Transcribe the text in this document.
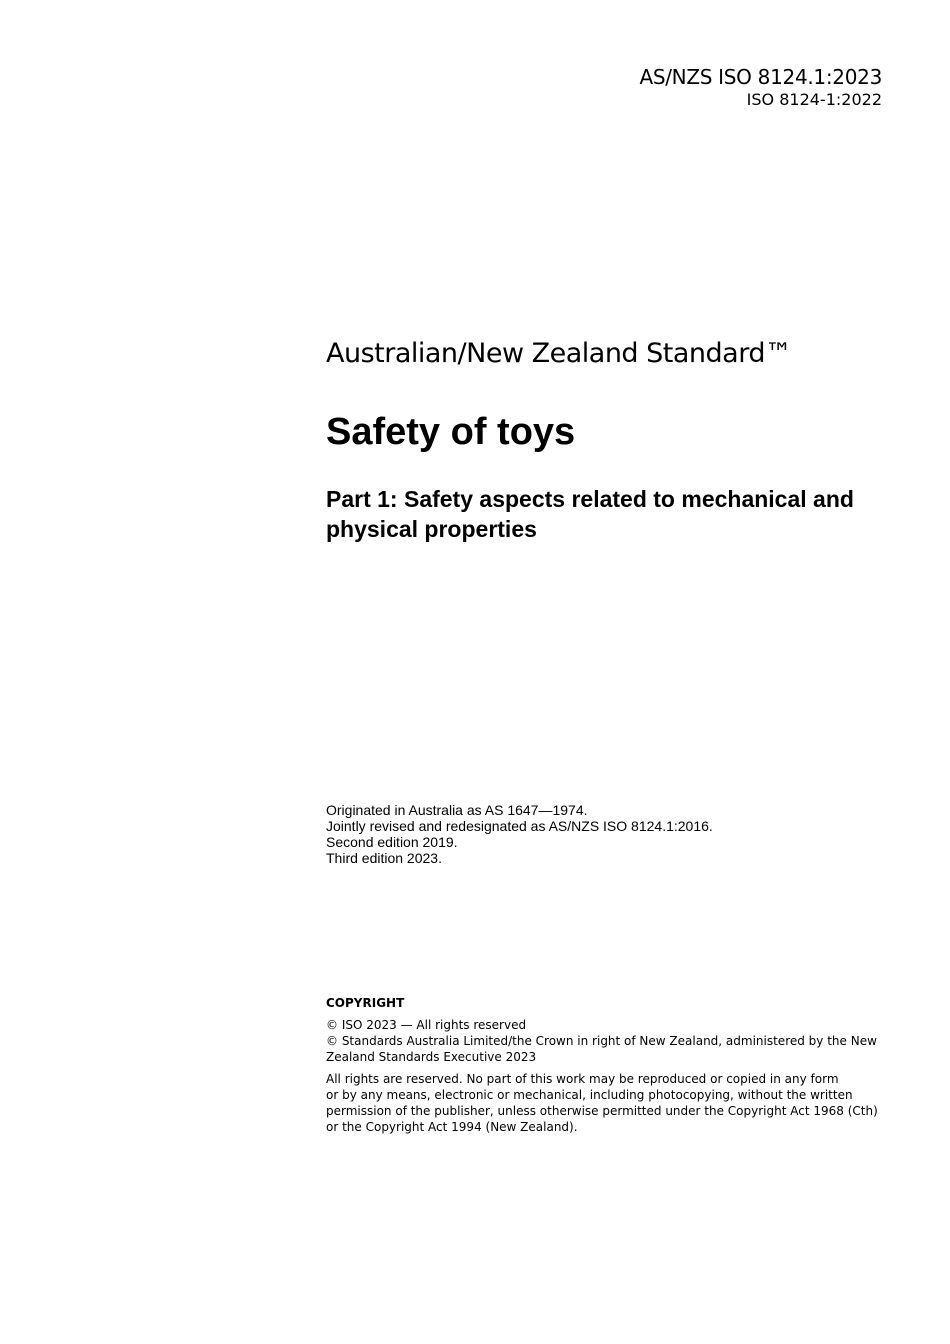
AS/NZS ISO 8124.1:2023
ISO 8124-1:2022
Australian/New Zealand Standard™
Safety of toys
Part 1: Safety aspects related to mechanical and
physical properties
Originated in Australia as AS 1647—1974.
Jointly revised and redesignated as AS/NZS ISO 8124.1:2016.
Second edition 2019.
Third edition 2023.
COPYRIGHT
© ISO 2023 — All rights reserved
© Standards Australia Limited/the Crown in right of New Zealand, administered by the New
Zealand Standards Executive 2023
All rights are reserved. No part of this work may be reproduced or copied in any form
or by any means, electronic or mechanical, including photocopying, without the written
permission of the publisher, unless otherwise permitted under the Copyright Act 1968 (Cth)
or the Copyright Act 1994 (New Zealand).
